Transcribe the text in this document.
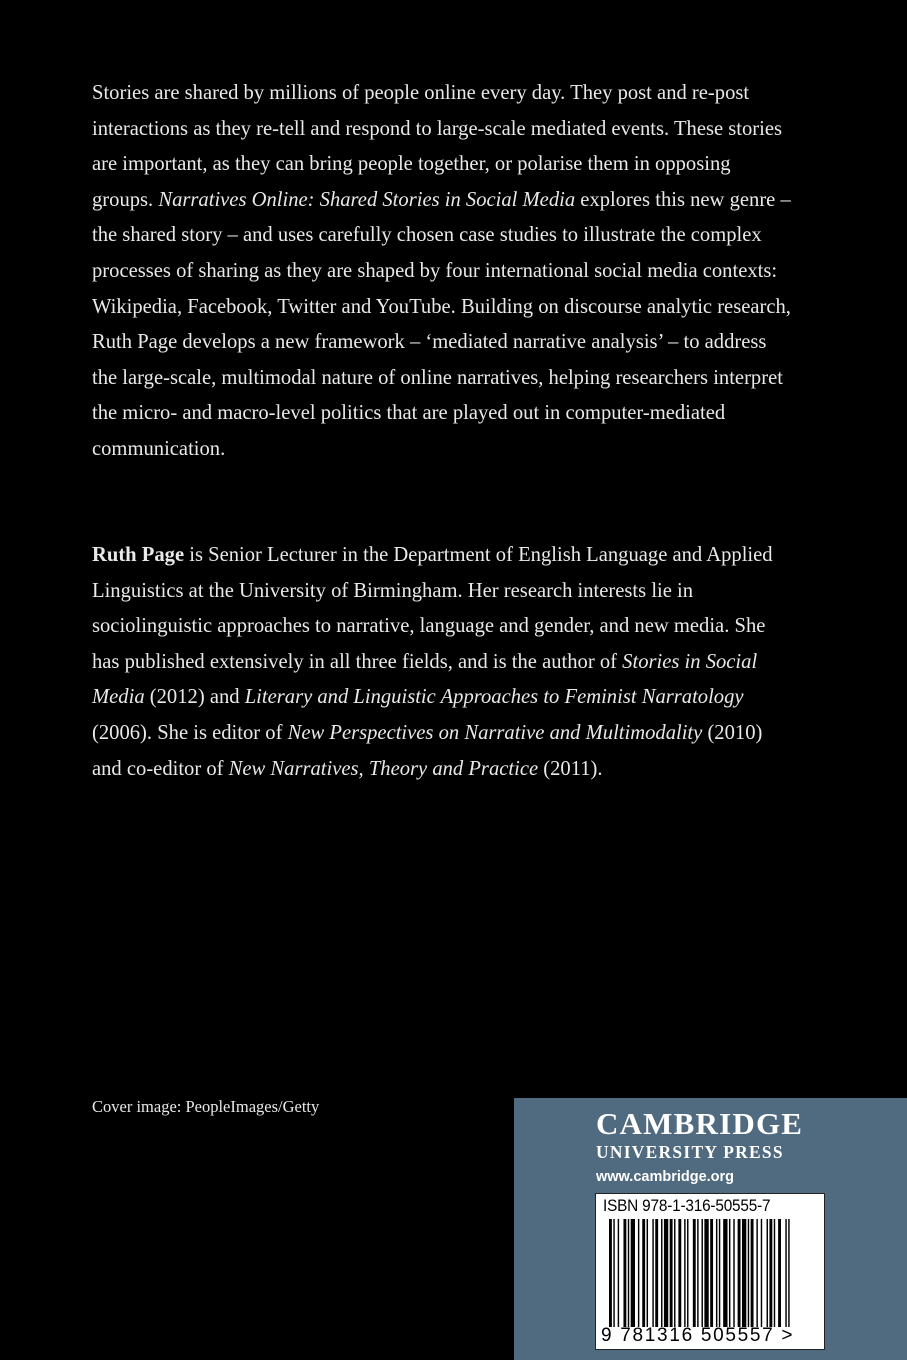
Stories are shared by millions of people online every day. They post and re-post interactions as they re-tell and respond to large-scale mediated events. These stories are important, as they can bring people together, or polarise them in opposing groups. Narratives Online: Shared Stories in Social Media explores this new genre – the shared story – and uses carefully chosen case studies to illustrate the complex processes of sharing as they are shaped by four international social media contexts: Wikipedia, Facebook, Twitter and YouTube. Building on discourse analytic research, Ruth Page develops a new framework – ‘mediated narrative analysis’ – to address the large-scale, multimodal nature of online narratives, helping researchers interpret the micro- and macro-level politics that are played out in computer-mediated communication.

Ruth Page is Senior Lecturer in the Department of English Language and Applied Linguistics at the University of Birmingham. Her research interests lie in sociolinguistic approaches to narrative, language and gender, and new media. She has published extensively in all three fields, and is the author of Stories in Social Media (2012) and Literary and Linguistic Approaches to Feminist Narratology (2006). She is editor of New Perspectives on Narrative and Multimodality (2010) and co-editor of New Narratives, Theory and Practice (2011).

Cover image: PeopleImages/Getty	CAMBRIDGE
UNIVERSITY PRESS
www.cambridge.org
ISBN 978-1-316-50555-7
9 781316 505557 >
